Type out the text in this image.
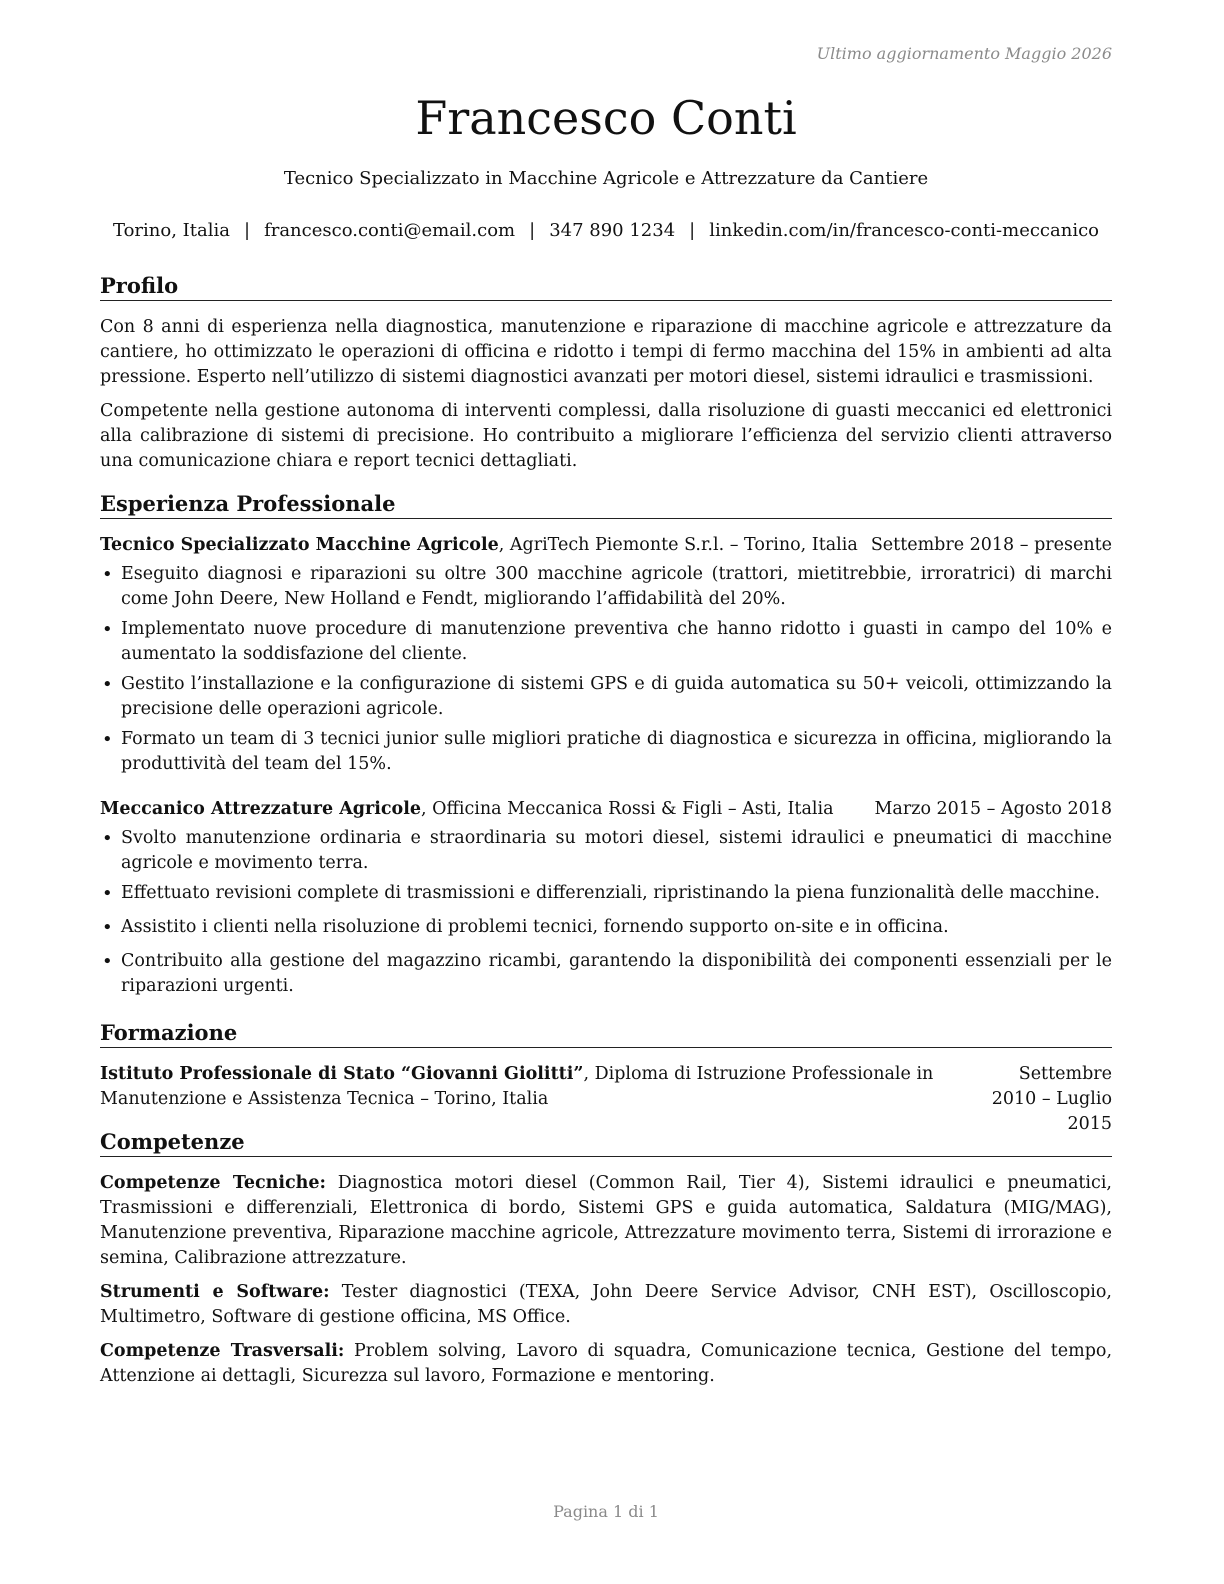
Ultimo aggiornamento Maggio 2026
Francesco Conti
Tecnico Specializzato in Macchine Agricole e Attrezzature da Cantiere
Torino, Italia | francesco.conti@email.com | 347 890 1234 | linkedin.com/in/francesco-conti-meccanico
Profilo

Con 8 anni di esperienza nella diagnostica, manutenzione e riparazione di macchine agricole e attrezzature da cantiere, ho ottimizzato le operazioni di officina e ridotto i tempi di fermo macchina del 15% in ambienti ad alta pressione. Esperto nell’utilizzo di sistemi diagnostici avanzati per motori diesel, sistemi idraulici e trasmissioni.

Competente nella gestione autonoma di interventi complessi, dalla risoluzione di guasti meccanici ed elettronici alla calibrazione di sistemi di precisione. Ho contribuito a migliorare l’efficienza del servizio clienti attraverso una comunicazione chiara e report tecnici dettagliati.

Esperienza Professionale
Tecnico Specializzato Macchine Agricole, AgriTech Piemonte S.r.l. – Torino, Italia Settembre 2018 – presente
• Eseguito diagnosi e riparazioni su oltre 300 macchine agricole (trattori, mietitrebbie, irroratrici) di marchi come John Deere, New Holland e Fendt, migliorando l’affidabilità del 20%.
• Implementato nuove procedure di manutenzione preventiva che hanno ridotto i guasti in campo del 10% e aumentato la soddisfazione del cliente.
• Gestito l’installazione e la configurazione di sistemi GPS e di guida automatica su 50+ veicoli, ottimizzando la precisione delle operazioni agricole.
• Formato un team di 3 tecnici junior sulle migliori pratiche di diagnostica e sicurezza in officina, migliorando la produttività del team del 15%.
Meccanico Attrezzature Agricole, Officina Meccanica Rossi & Figli – Asti, Italia Marzo 2015 – Agosto 2018
• Svolto manutenzione ordinaria e straordinaria su motori diesel, sistemi idraulici e pneumatici di macchine agricole e movimento terra.
• Effettuato revisioni complete di trasmissioni e differenziali, ripristinando la piena funzionalità delle macchine.
• Assistito i clienti nella risoluzione di problemi tecnici, fornendo supporto on-site e in officina.
• Contribuito alla gestione del magazzino ricambi, garantendo la disponibilità dei componenti essenziali per le riparazioni urgenti.
Formazione
Istituto Professionale di Stato “Giovanni Giolitti”, Diploma di Istruzione Professionale in Manutenzione e Assistenza Tecnica – Torino, Italia
Settembre 2010 – Luglio 2015
Competenze

Competenze Tecniche: Diagnostica motori diesel (Common Rail, Tier 4), Sistemi idraulici e pneumatici, Trasmissioni e differenziali, Elettronica di bordo, Sistemi GPS e guida automatica, Saldatura (MIG/MAG), Manutenzione preventiva, Riparazione macchine agricole, Attrezzature movimento terra, Sistemi di irrorazione e semina, Calibrazione attrezzature.

Strumenti e Software: Tester diagnostici (TEXA, John Deere Service Advisor, CNH EST), Oscilloscopio, Multimetro, Software di gestione officina, MS Office.

Competenze Trasversali: Problem solving, Lavoro di squadra, Comunicazione tecnica, Gestione del tempo, Attenzione ai dettagli, Sicurezza sul lavoro, Formazione e mentoring.

Pagina 1 di 1
